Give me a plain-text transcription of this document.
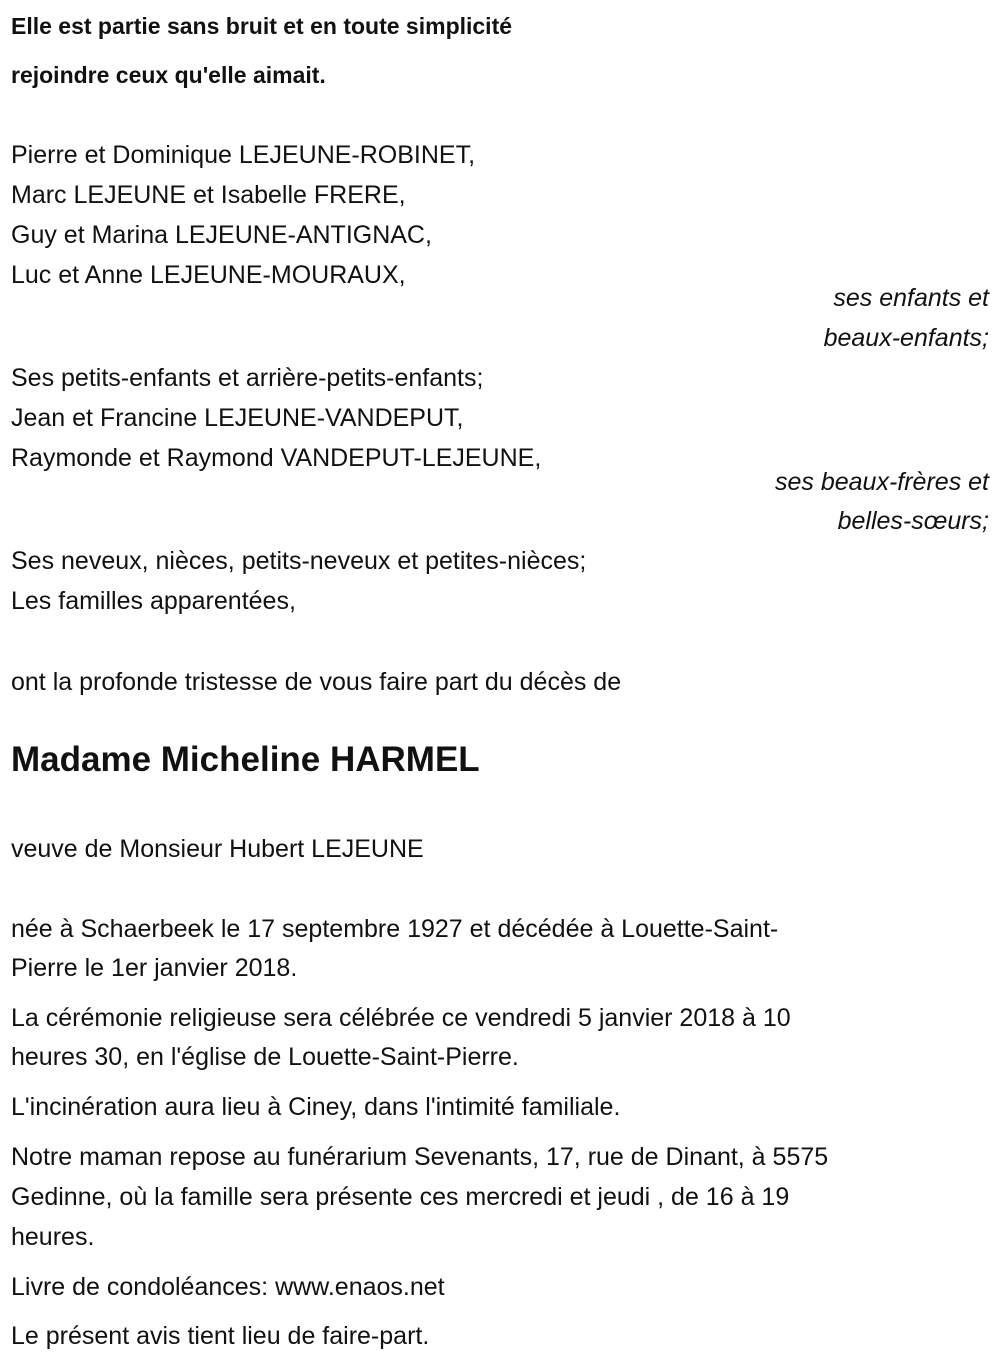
Elle est partie sans bruit et en toute simplicité
rejoindre ceux qu'elle aimait.
Pierre et Dominique LEJEUNE-ROBINET,
Marc LEJEUNE et Isabelle FRERE,
Guy et Marina LEJEUNE-ANTIGNAC,
Luc et Anne LEJEUNE-MOURAUX,
ses enfants et
beaux-enfants;
Ses petits-enfants et arrière-petits-enfants;
Jean et Francine LEJEUNE-VANDEPUT,
Raymonde et Raymond VANDEPUT-LEJEUNE,
ses beaux-frères et
belles-sœurs;
Ses neveux, nièces, petits-neveux et petites-nièces;
Les familles apparentées,
ont la profonde tristesse de vous faire part du décès de
Madame Micheline HARMEL
veuve de Monsieur Hubert LEJEUNE
née à Schaerbeek le 17 septembre 1927 et décédée à Louette-Saint-
Pierre le 1er janvier 2018.
La cérémonie religieuse sera célébrée ce vendredi 5 janvier 2018 à 10
heures 30, en l'église de Louette-Saint-Pierre.
L'incinération aura lieu à Ciney, dans l'intimité familiale.
Notre maman repose au funérarium Sevenants, 17, rue de Dinant, à 5575
Gedinne, où la famille sera présente ces mercredi et jeudi , de 16 à 19
heures.
Livre de condoléances: www.enaos.net
Le présent avis tient lieu de faire-part.
